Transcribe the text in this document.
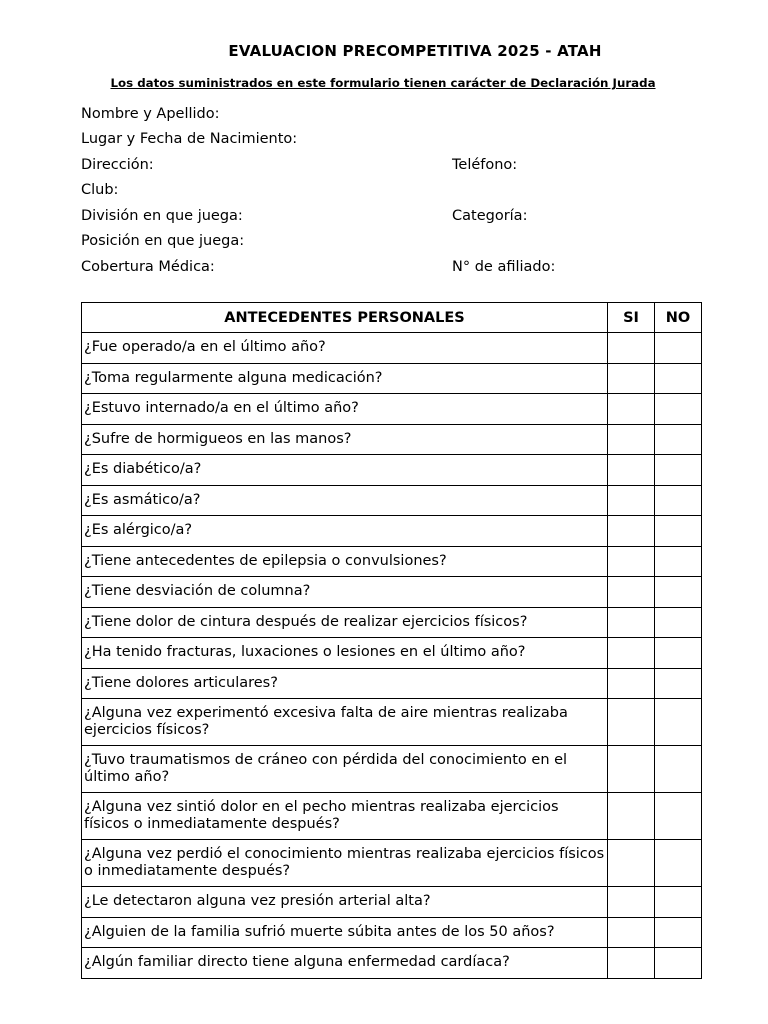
EVALUACION PRECOMPETITIVA 2025 - ATAH
Los datos suministrados en este formulario tienen carácter de Declaración Jurada
Nombre y Apellido:
Lugar y Fecha de Nacimiento:
Dirección:	Teléfono:
Club:
División en que juega:	Categoría:
Posición en que juega:
Cobertura Médica:	N° de afiliado:
ANTECEDENTES PERSONALES	SI	NO
¿Fue operado/a en el último año?		
¿Toma regularmente alguna medicación?		
¿Estuvo internado/a en el último año?		
¿Sufre de hormigueos en las manos?		
¿Es diabético/a?		
¿Es asmático/a?		
¿Es alérgico/a?		
¿Tiene antecedentes de epilepsia o convulsiones?		
¿Tiene desviación de columna?		
¿Tiene dolor de cintura después de realizar ejercicios físicos?		
¿Ha tenido fracturas, luxaciones o lesiones en el último año?		
¿Tiene dolores articulares?		
¿Alguna vez experimentó excesiva falta de aire mientras realizaba ejercicios físicos?		
¿Tuvo traumatismos de cráneo con pérdida del conocimiento en el último año?		
¿Alguna vez sintió dolor en el pecho mientras realizaba ejercicios físicos o inmediatamente después?		
¿Alguna vez perdió el conocimiento mientras realizaba ejercicios físicos o inmediatamente después?		
¿Le detectaron alguna vez presión arterial alta?		
¿Alguien de la familia sufrió muerte súbita antes de los 50 años?		
¿Algún familiar directo tiene alguna enfermedad cardíaca?		
